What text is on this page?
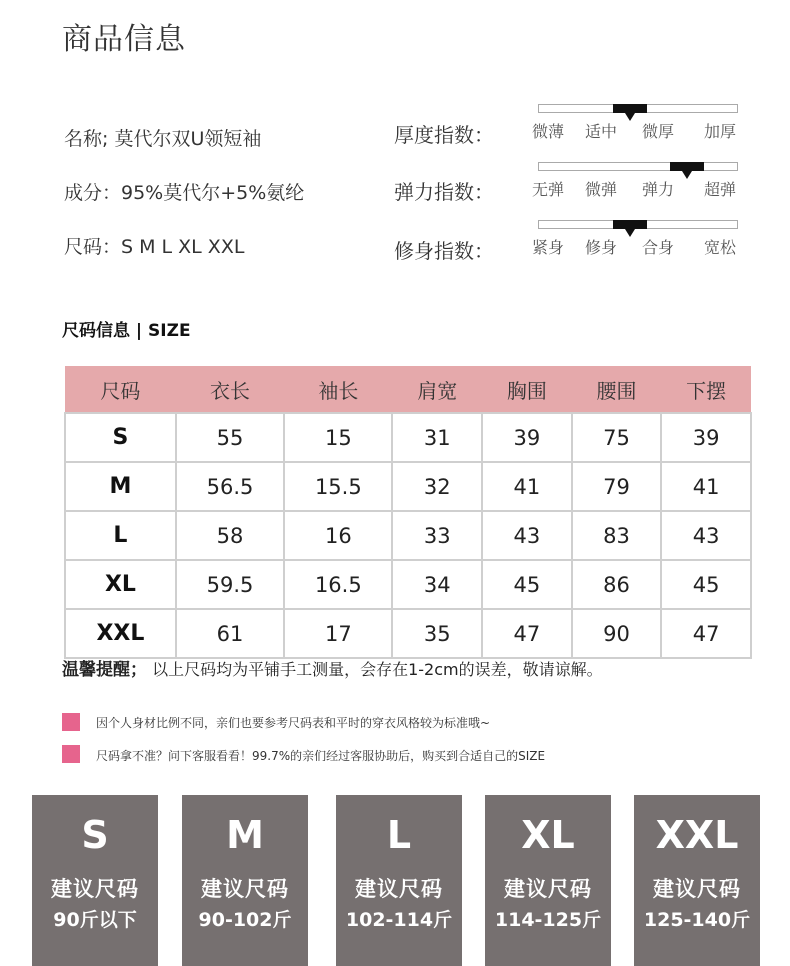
商品信息
名称; 莫代尔双U领短袖
成分：95%莫代尔+5%氨纶
尺码：S M L XL XXL
厚度指数： 微薄 适中 微厚 加厚
弹力指数： 无弹 微弹 弹力 超弹
修身指数： 紧身 修身 合身 宽松
尺码信息 | SIZE
尺码	衣长	袖长	肩宽	胸围	腰围	下摆
S	55	15	31	39	75	39
M	56.5	15.5	32	41	79	41
L	58	16	33	43	83	43
XL	59.5	16.5	34	45	86	45
XXL	61	17	35	47	90	47
温馨提醒； 以上尺码均为平铺手工测量，会存在1-2cm的误差，敬请谅解。
因个人身材比例不同，亲们也要参考尺码表和平时的穿衣风格较为标准哦~
尺码拿不准？问下客服看看！99.7%的亲们经过客服协助后，购买到合适自己的SIZE
S
建议尺码
90斤以下
M
建议尺码
90-102斤
L
建议尺码
102-114斤
XL
建议尺码
114-125斤
XXL
建议尺码
125-140斤
